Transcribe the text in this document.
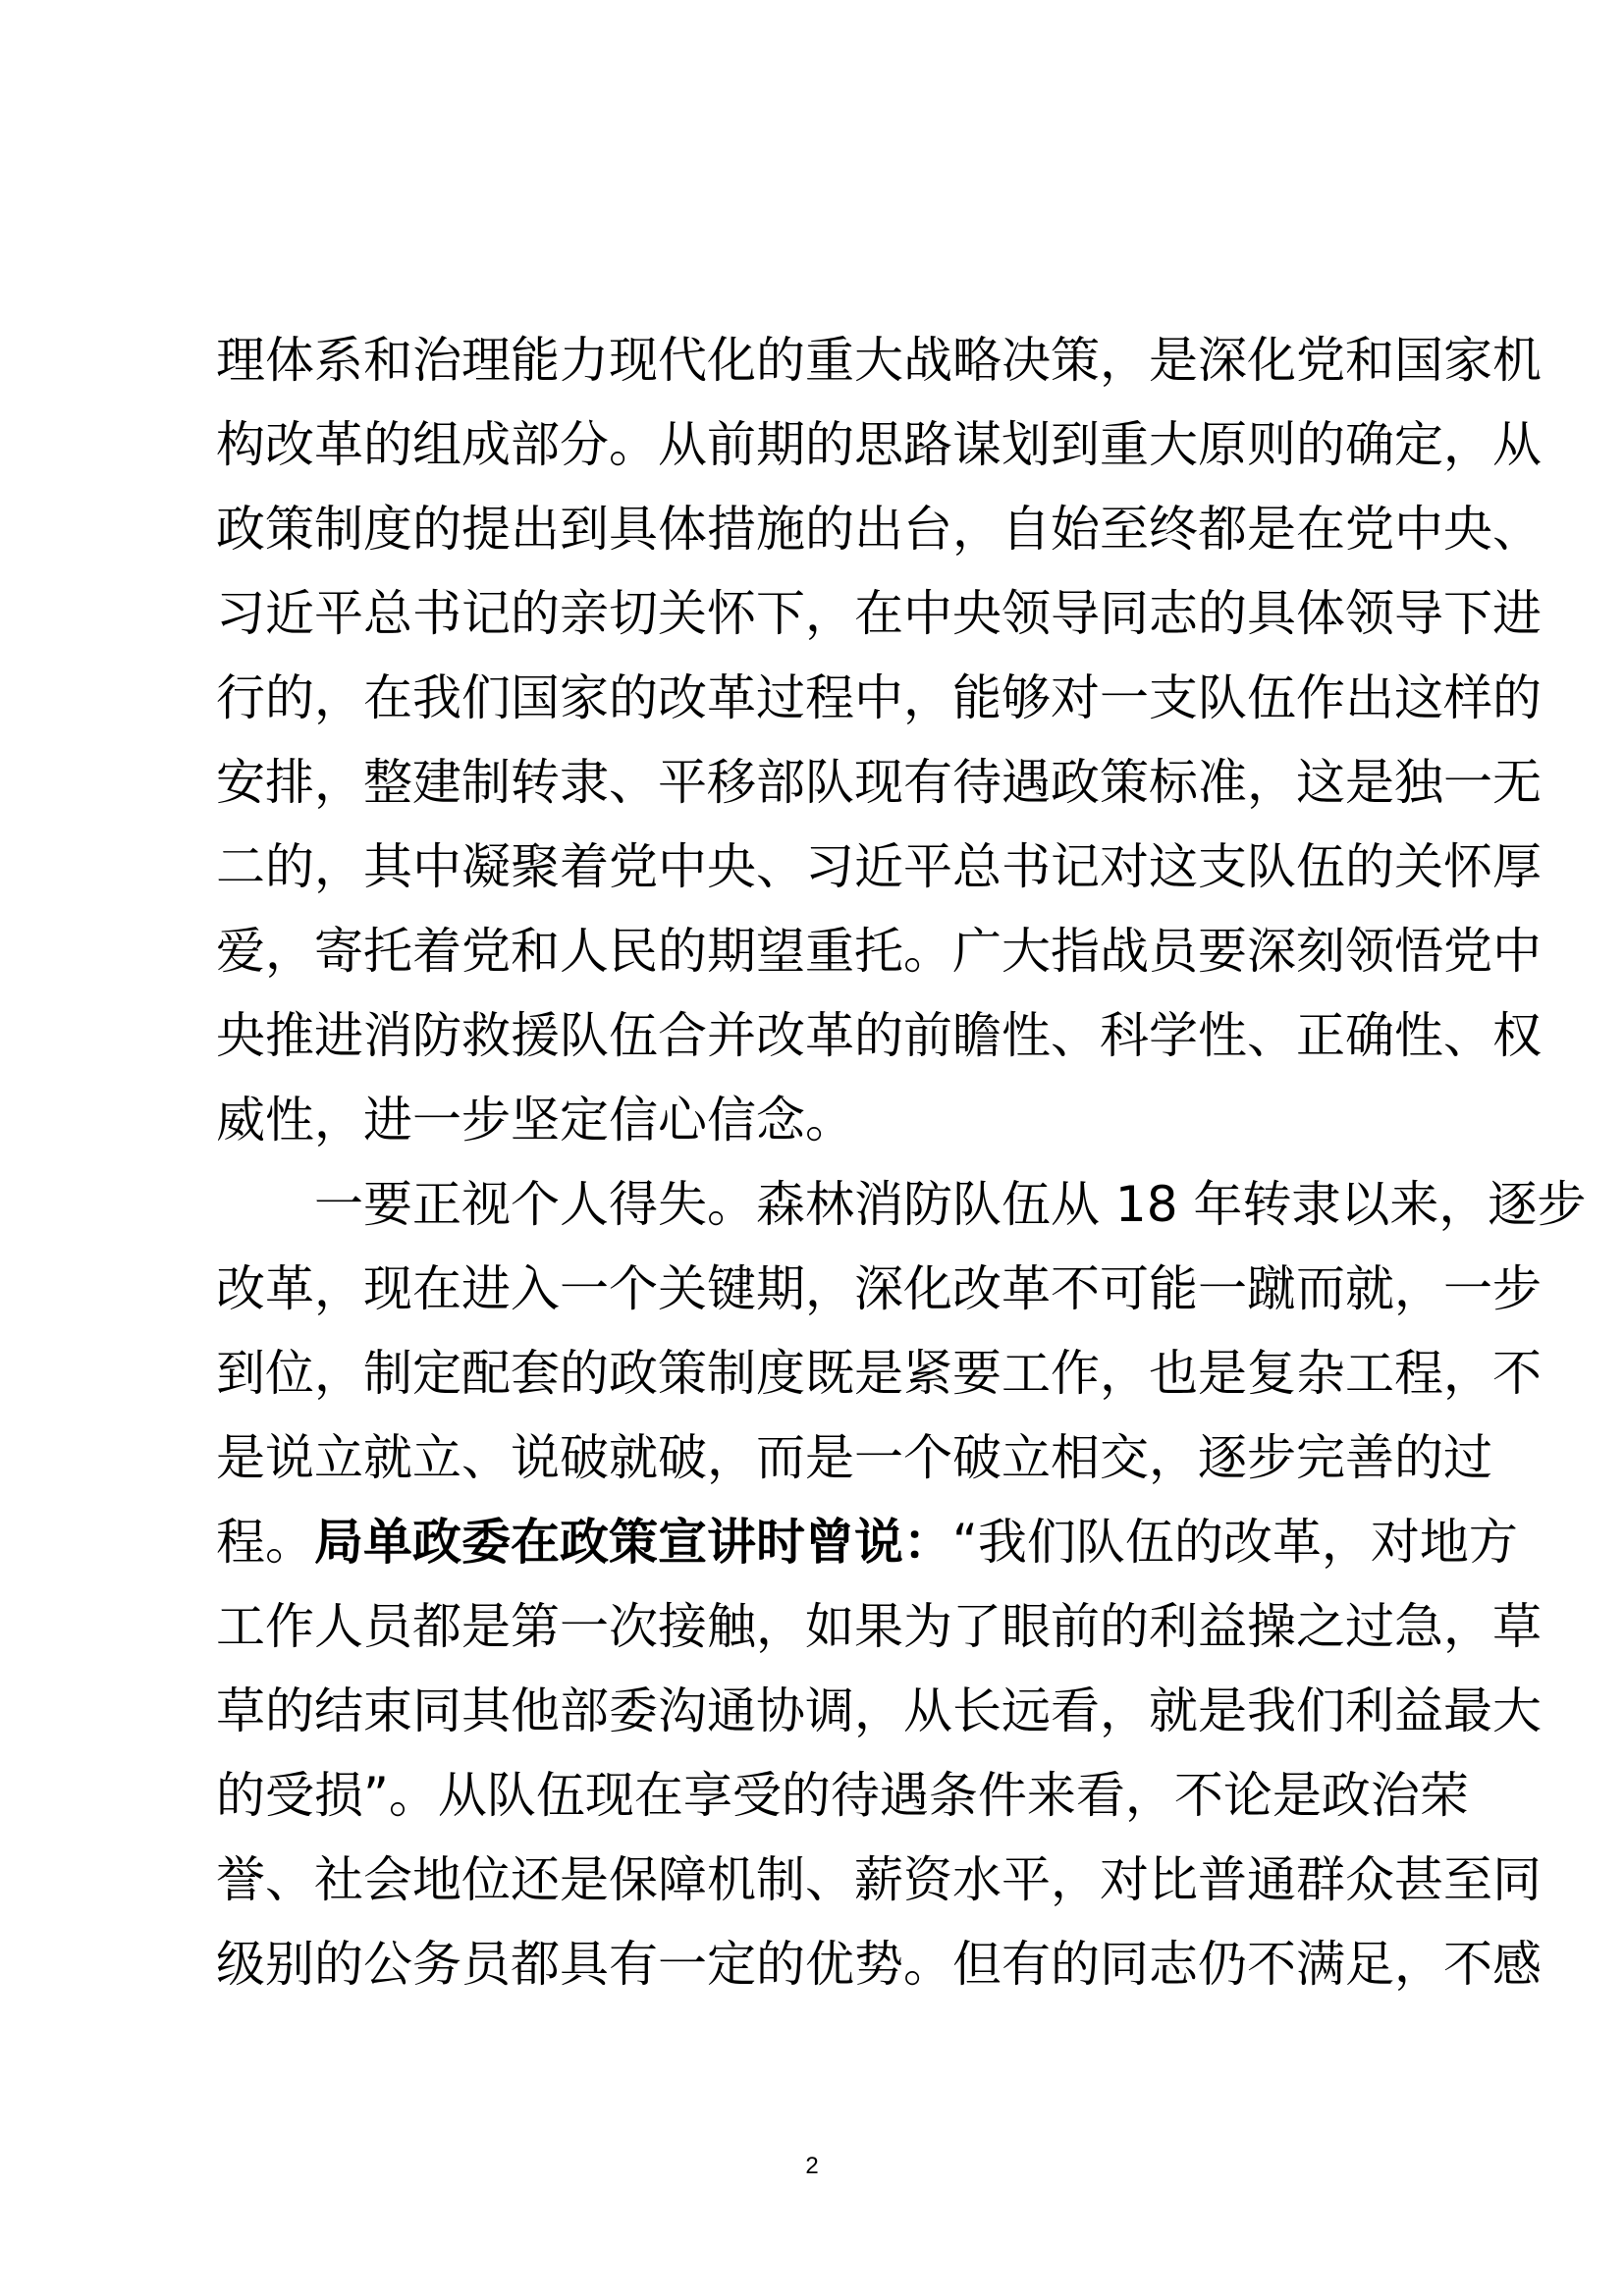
理体系和治理能力现代化的重大战略决策，是深化党和国家机
构改革的组成部分。从前期的思路谋划到重大原则的确定，从
政策制度的提出到具体措施的出台，自始至终都是在党中央、
习近平总书记的亲切关怀下，在中央领导同志的具体领导下进
行的，在我们国家的改革过程中，能够对一支队伍作出这样的
安排，整建制转隶、平移部队现有待遇政策标准，这是独一无
二的，其中凝聚着党中央、习近平总书记对这支队伍的关怀厚
爱，寄托着党和人民的期望重托。广大指战员要深刻领悟党中
央推进消防救援队伍合并改革的前瞻性、科学性、正确性、权
威性，进一步坚定信心信念。
一要正视个人得失。森林消防队伍从 18 年转隶以来，逐步
改革，现在进入一个关键期，深化改革不可能一蹴而就，一步
到位，制定配套的政策制度既是紧要工作，也是复杂工程，不
是说立就立、说破就破，而是一个破立相交，逐步完善的过
程。局单政委在政策宣讲时曾说：“我们队伍的改革，对地方
工作人员都是第一次接触，如果为了眼前的利益操之过急，草
草的结束同其他部委沟通协调，从长远看，就是我们利益最大
的受损”。从队伍现在享受的待遇条件来看，不论是政治荣
誉、社会地位还是保障机制、薪资水平，对比普通群众甚至同
级别的公务员都具有一定的优势。但有的同志仍不满足，不感
2
